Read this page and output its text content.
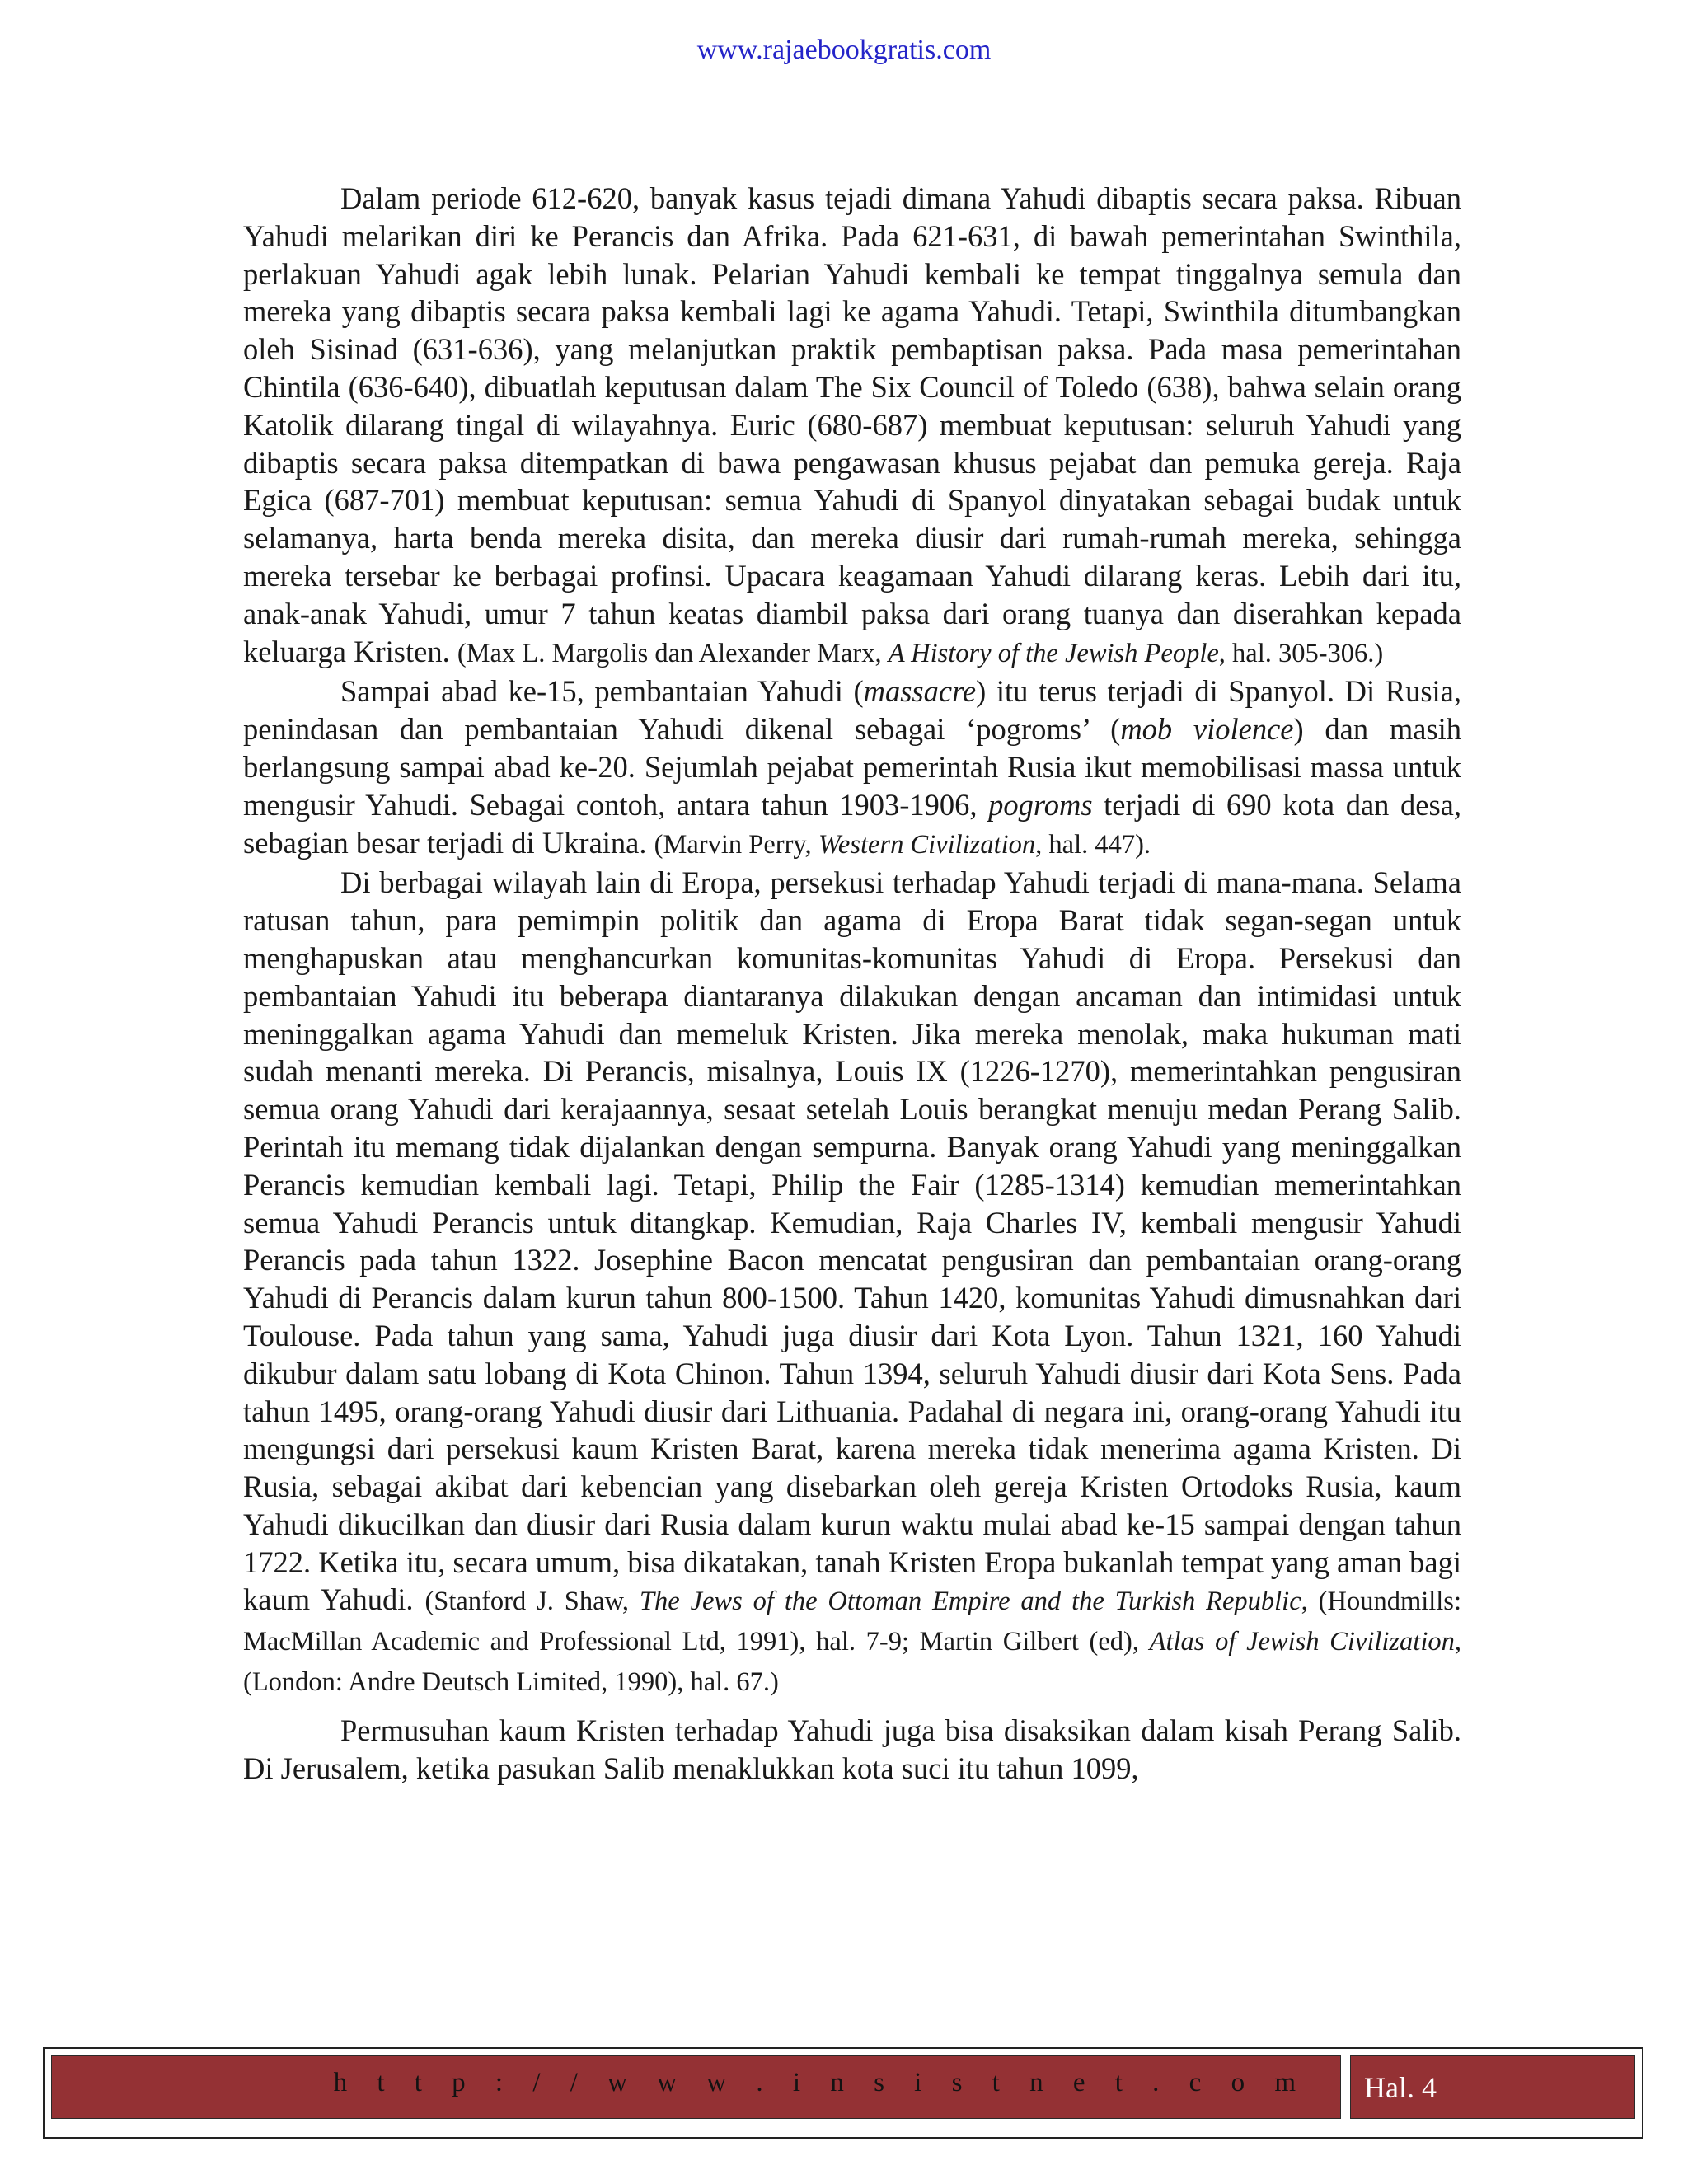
www.rajaebookgratis.com

Dalam periode 612-620, banyak kasus tejadi dimana Yahudi dibaptis secara paksa. Ribuan Yahudi melarikan diri ke Perancis dan Afrika. Pada 621-631, di bawah pemerintahan Swinthila, perlakuan Yahudi agak lebih lunak. Pelarian Yahudi kembali ke tempat tinggalnya semula dan mereka yang dibaptis secara paksa kembali lagi ke agama Yahudi. Tetapi, Swinthila ditumbangkan oleh Sisinad (631-636), yang melanjutkan praktik pembaptisan paksa. Pada masa pemerintahan Chintila (636-640), dibuatlah keputusan dalam The Six Council of Toledo (638), bahwa selain orang Katolik dilarang tingal di wilayahnya. Euric (680-687) membuat keputusan: seluruh Yahudi yang dibaptis secara paksa ditempatkan di bawa pengawasan khusus pejabat dan pemuka gereja. Raja Egica (687-701) membuat keputusan: semua Yahudi di Spanyol dinyatakan sebagai budak untuk selamanya, harta benda mereka disita, dan mereka diusir dari rumah-rumah mereka, sehingga mereka tersebar ke berbagai profinsi. Upacara keagamaan Yahudi dilarang keras. Lebih dari itu, anak-anak Yahudi, umur 7 tahun keatas diambil paksa dari orang tuanya dan diserahkan kepada keluarga Kristen. (Max L. Margolis dan Alexander Marx, A History of the Jewish People, hal. 305-306.)

Sampai abad ke-15, pembantaian Yahudi (massacre) itu terus terjadi di Spanyol. Di Rusia, penindasan dan pembantaian Yahudi dikenal sebagai ‘pogroms’ (mob violence) dan masih berlangsung sampai abad ke-20. Sejumlah pejabat pemerintah Rusia ikut memobilisasi massa untuk mengusir Yahudi. Sebagai contoh, antara tahun 1903-1906, pogroms terjadi di 690 kota dan desa, sebagian besar terjadi di Ukraina. (Marvin Perry, Western Civilization, hal. 447).

Di berbagai wilayah lain di Eropa, persekusi terhadap Yahudi terjadi di mana-mana. Selama ratusan tahun, para pemimpin politik dan agama di Eropa Barat tidak segan-segan untuk menghapuskan atau menghancurkan komunitas-komunitas Yahudi di Eropa. Persekusi dan pembantaian Yahudi itu beberapa diantaranya dilakukan dengan ancaman dan intimidasi untuk meninggalkan agama Yahudi dan memeluk Kristen. Jika mereka menolak, maka hukuman mati sudah menanti mereka. Di Perancis, misalnya, Louis IX (1226-1270), memerintahkan pengusiran semua orang Yahudi dari kerajaannya, sesaat setelah Louis berangkat menuju medan Perang Salib. Perintah itu memang tidak dijalankan dengan sempurna. Banyak orang Yahudi yang meninggalkan Perancis kemudian kembali lagi. Tetapi, Philip the Fair (1285-1314) kemudian memerintahkan semua Yahudi Perancis untuk ditangkap. Kemudian, Raja Charles IV, kembali mengusir Yahudi Perancis pada tahun 1322. Josephine Bacon mencatat pengusiran dan pembantaian orang-orang Yahudi di Perancis dalam kurun tahun 800-1500. Tahun 1420, komunitas Yahudi dimusnahkan dari Toulouse. Pada tahun yang sama, Yahudi juga diusir dari Kota Lyon. Tahun 1321, 160 Yahudi dikubur dalam satu lobang di Kota Chinon. Tahun 1394, seluruh Yahudi diusir dari Kota Sens. Pada tahun 1495, orang-orang Yahudi diusir dari Lithuania. Padahal di negara ini, orang-orang Yahudi itu mengungsi dari persekusi kaum Kristen Barat, karena mereka tidak menerima agama Kristen. Di Rusia, sebagai akibat dari kebencian yang disebarkan oleh gereja Kristen Ortodoks Rusia, kaum Yahudi dikucilkan dan diusir dari Rusia dalam kurun waktu mulai abad ke-15 sampai dengan tahun 1722. Ketika itu, secara umum, bisa dikatakan, tanah Kristen Eropa bukanlah tempat yang aman bagi kaum Yahudi. (Stanford J. Shaw, The Jews of the Ottoman Empire and the Turkish Republic, (Houndmills: MacMillan Academic and Professional Ltd, 1991), hal. 7-9; Martin Gilbert (ed), Atlas of Jewish Civilization, (London: Andre Deutsch Limited, 1990), hal. 67.)

Permusuhan kaum Kristen terhadap Yahudi juga bisa disaksikan dalam kisah Perang Salib. Di Jerusalem, ketika pasukan Salib menaklukkan kota suci itu tahun 1099,

h t t p : / / w w w . i n s i s t n e t . c o m Hal. 4
